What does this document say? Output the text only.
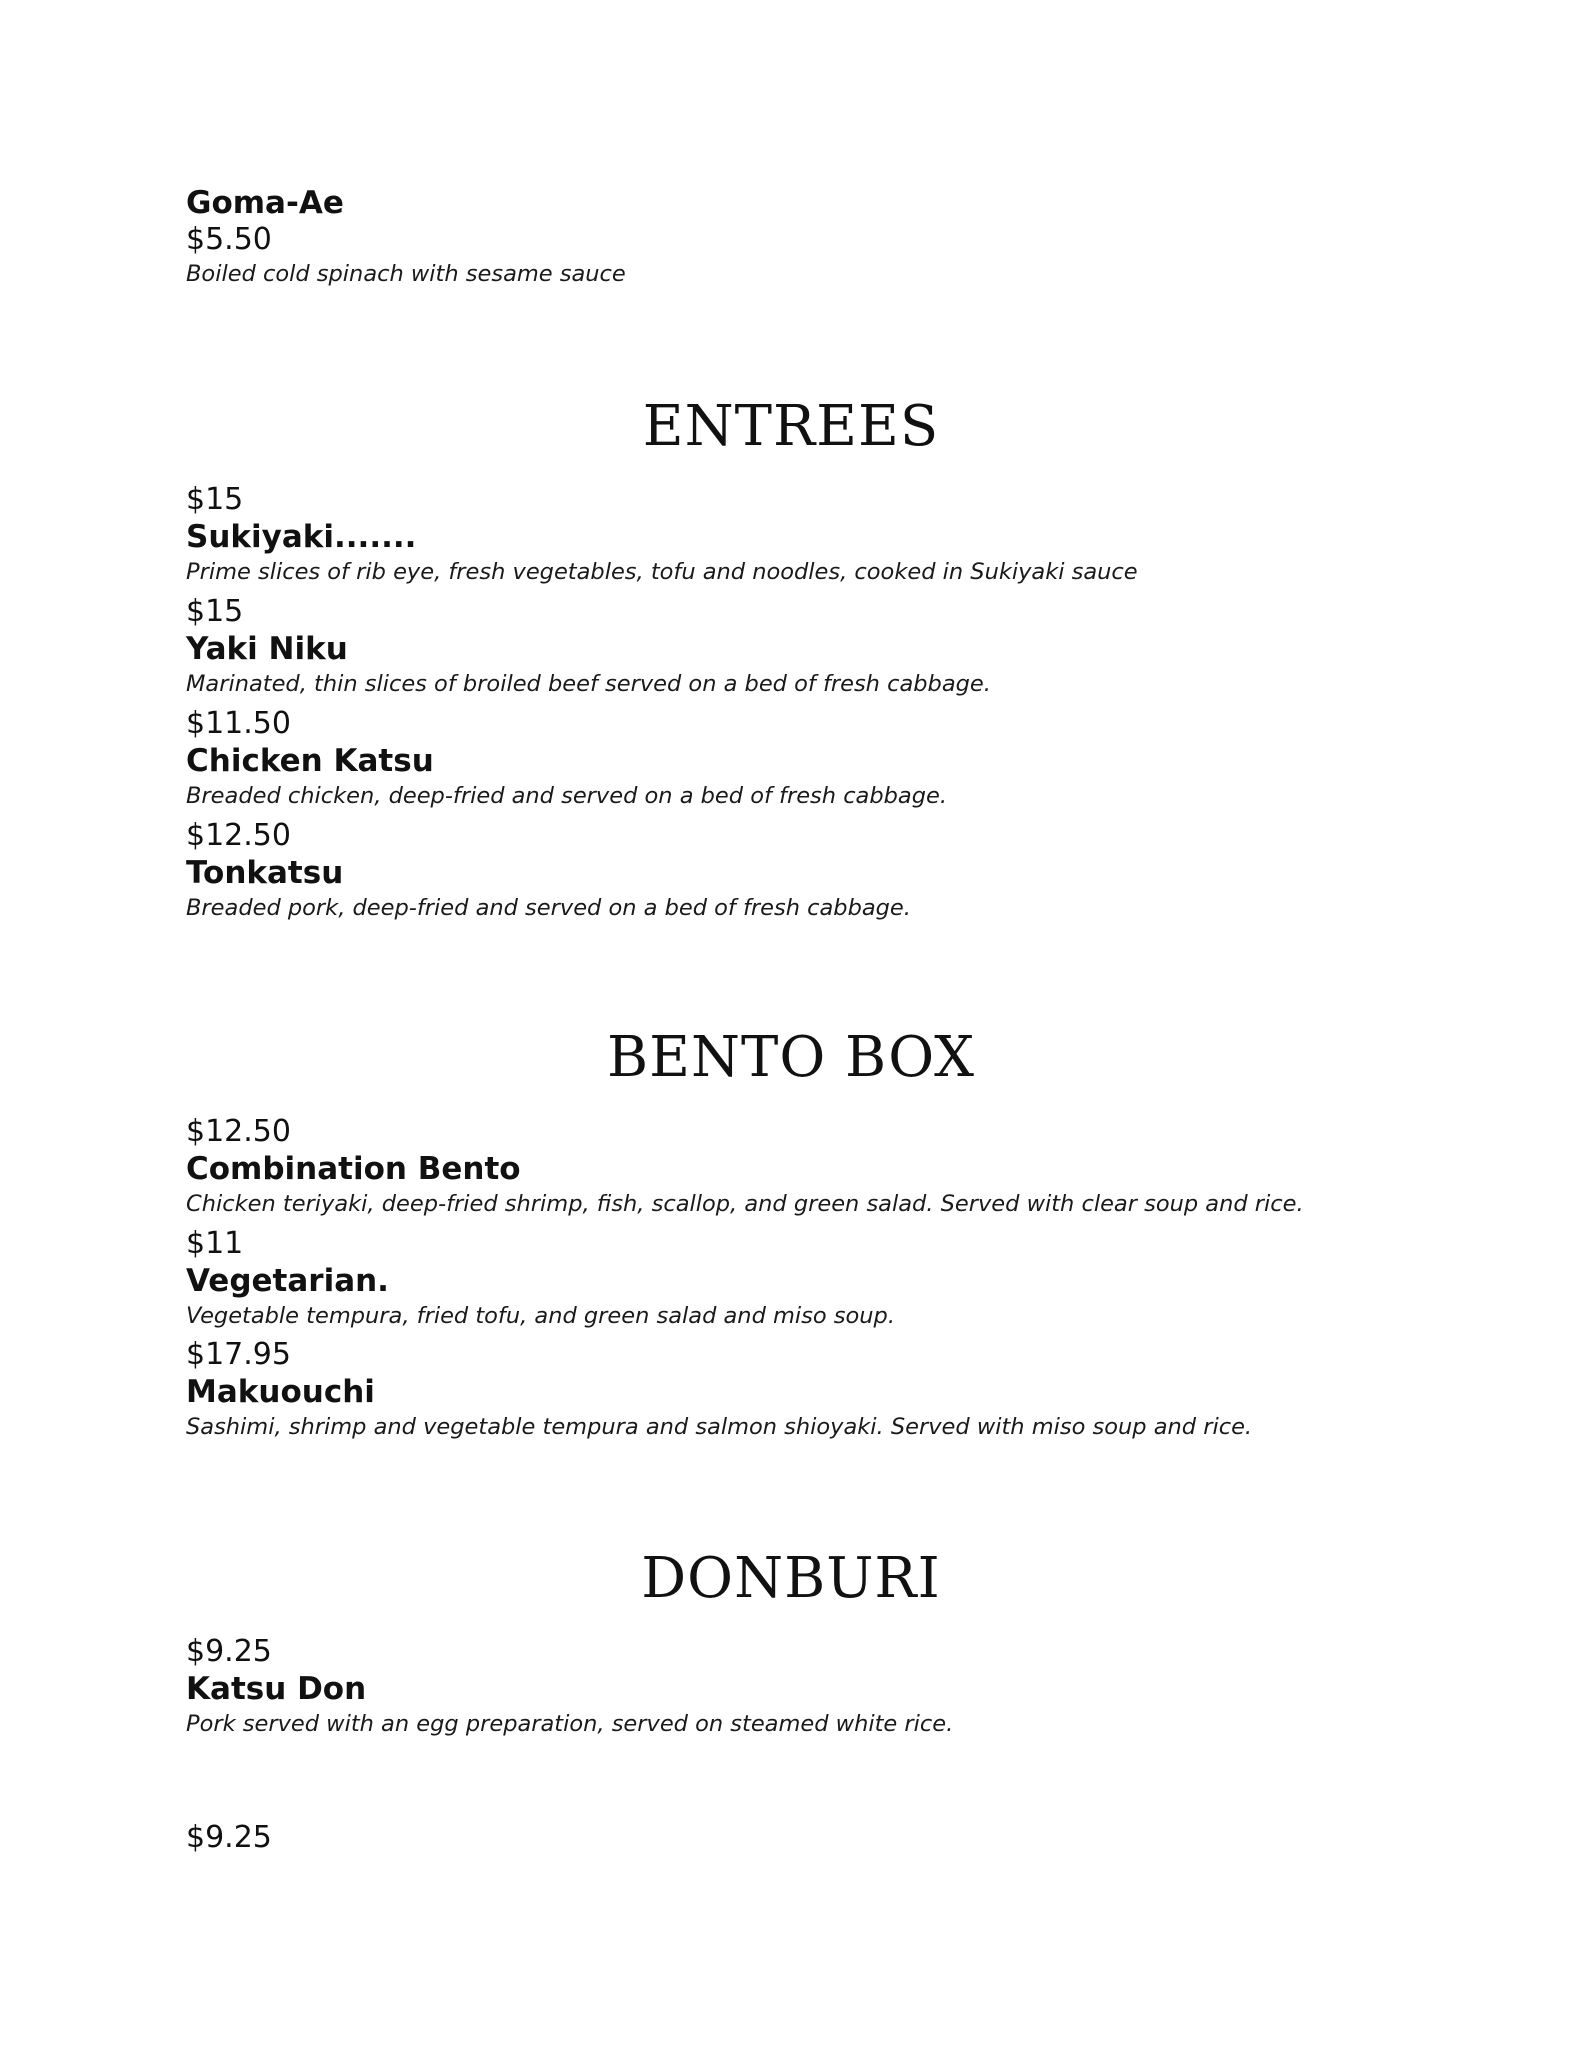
Goma-Ae
$5.50
Boiled cold spinach with sesame sauce
ENTREES
$15
Sukiyaki.......
Prime slices of rib eye, fresh vegetables, tofu and noodles, cooked in Sukiyaki sauce
$15
Yaki Niku
Marinated, thin slices of broiled beef served on a bed of fresh cabbage.
$11.50
Chicken Katsu
Breaded chicken, deep-fried and served on a bed of fresh cabbage.
$12.50
Tonkatsu
Breaded pork, deep-fried and served on a bed of fresh cabbage.
BENTO BOX
$12.50
Combination Bento
Chicken teriyaki, deep-fried shrimp, fish, scallop, and green salad. Served with clear soup and rice.
$11
Vegetarian.
Vegetable tempura, fried tofu, and green salad and miso soup.
$17.95
Makuouchi
Sashimi, shrimp and vegetable tempura and salmon shioyaki. Served with miso soup and rice.
DONBURI
$9.25
Katsu Don
Pork served with an egg preparation, served on steamed white rice.
$9.25
